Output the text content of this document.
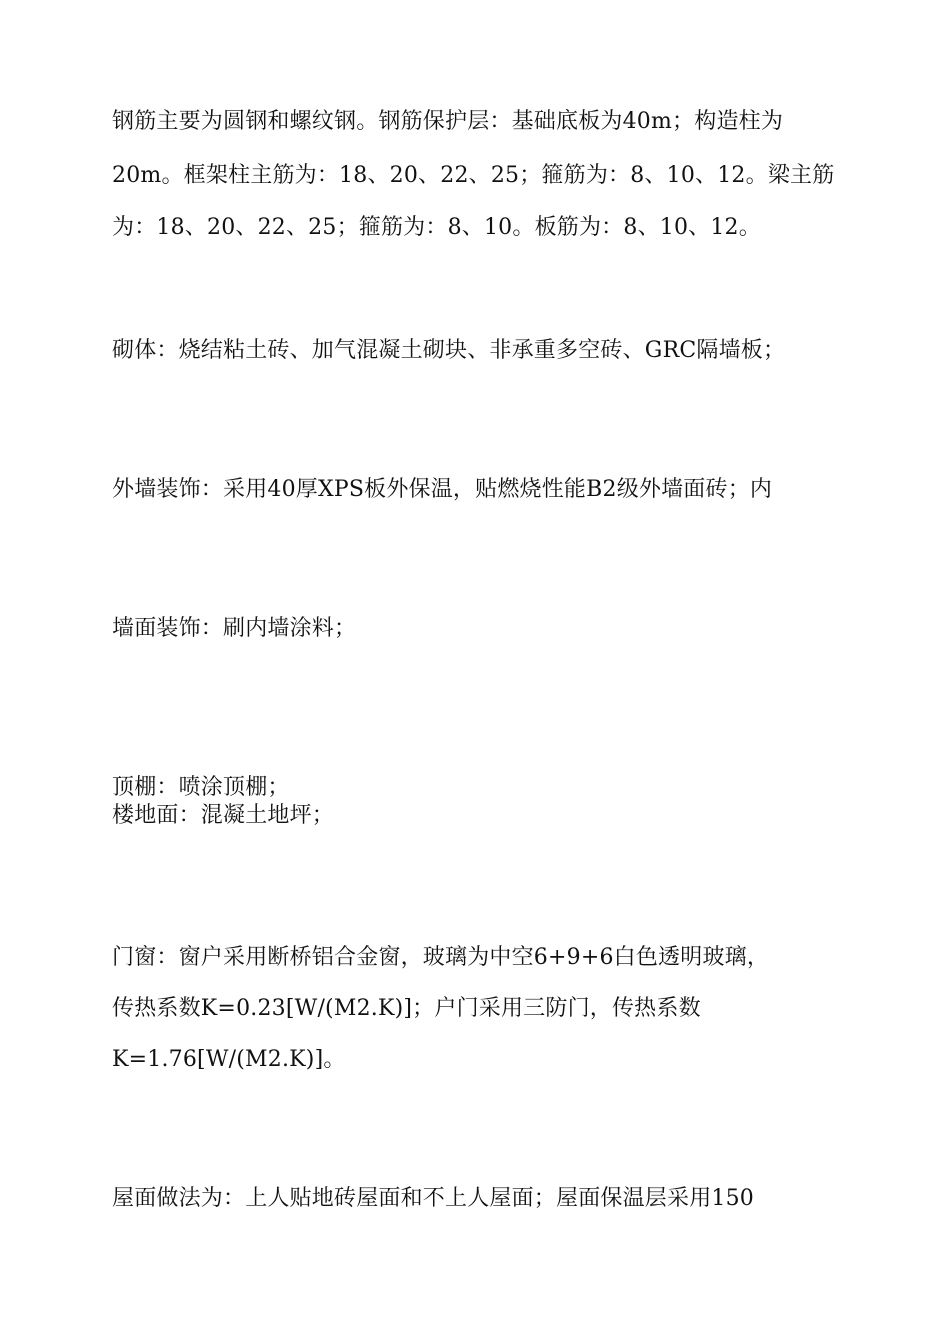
钢筋主要为圆钢和螺纹钢。钢筋保护层：基础底板为40m；构造柱为
20m。框架柱主筋为：18、20、22、25；箍筋为：8、10、12。梁主筋
为：18、20、22、25；箍筋为：8、10。板筋为：8、10、12。
砌体：烧结粘土砖、加气混凝土砌块、非承重多空砖、GRC隔墙板；
外墙装饰：采用40厚XPS板外保温，贴燃烧性能B2级外墙面砖；内
墙面装饰：刷内墙涂料；
顶棚：喷涂顶棚；
楼地面：混凝土地坪；
门窗：窗户采用断桥铝合金窗，玻璃为中空6+9+6白色透明玻璃，
传热系数K=0.23[W/(M2.K)]；户门采用三防门，传热系数
K=1.76[W/(M2.K)]。
屋面做法为：上人贴地砖屋面和不上人屋面；屋面保温层采用150
